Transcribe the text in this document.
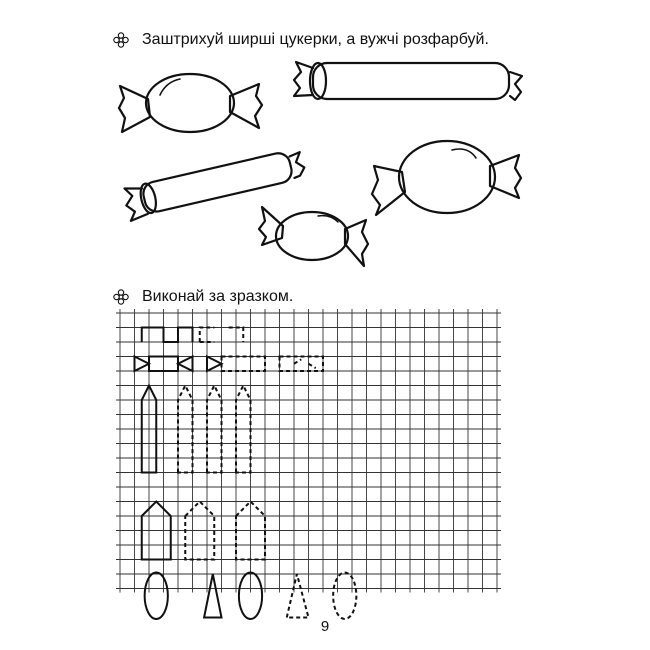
Заштрихуй ширші цукерки, а вужчі розфарбуй.
Виконай за зразком.
9
